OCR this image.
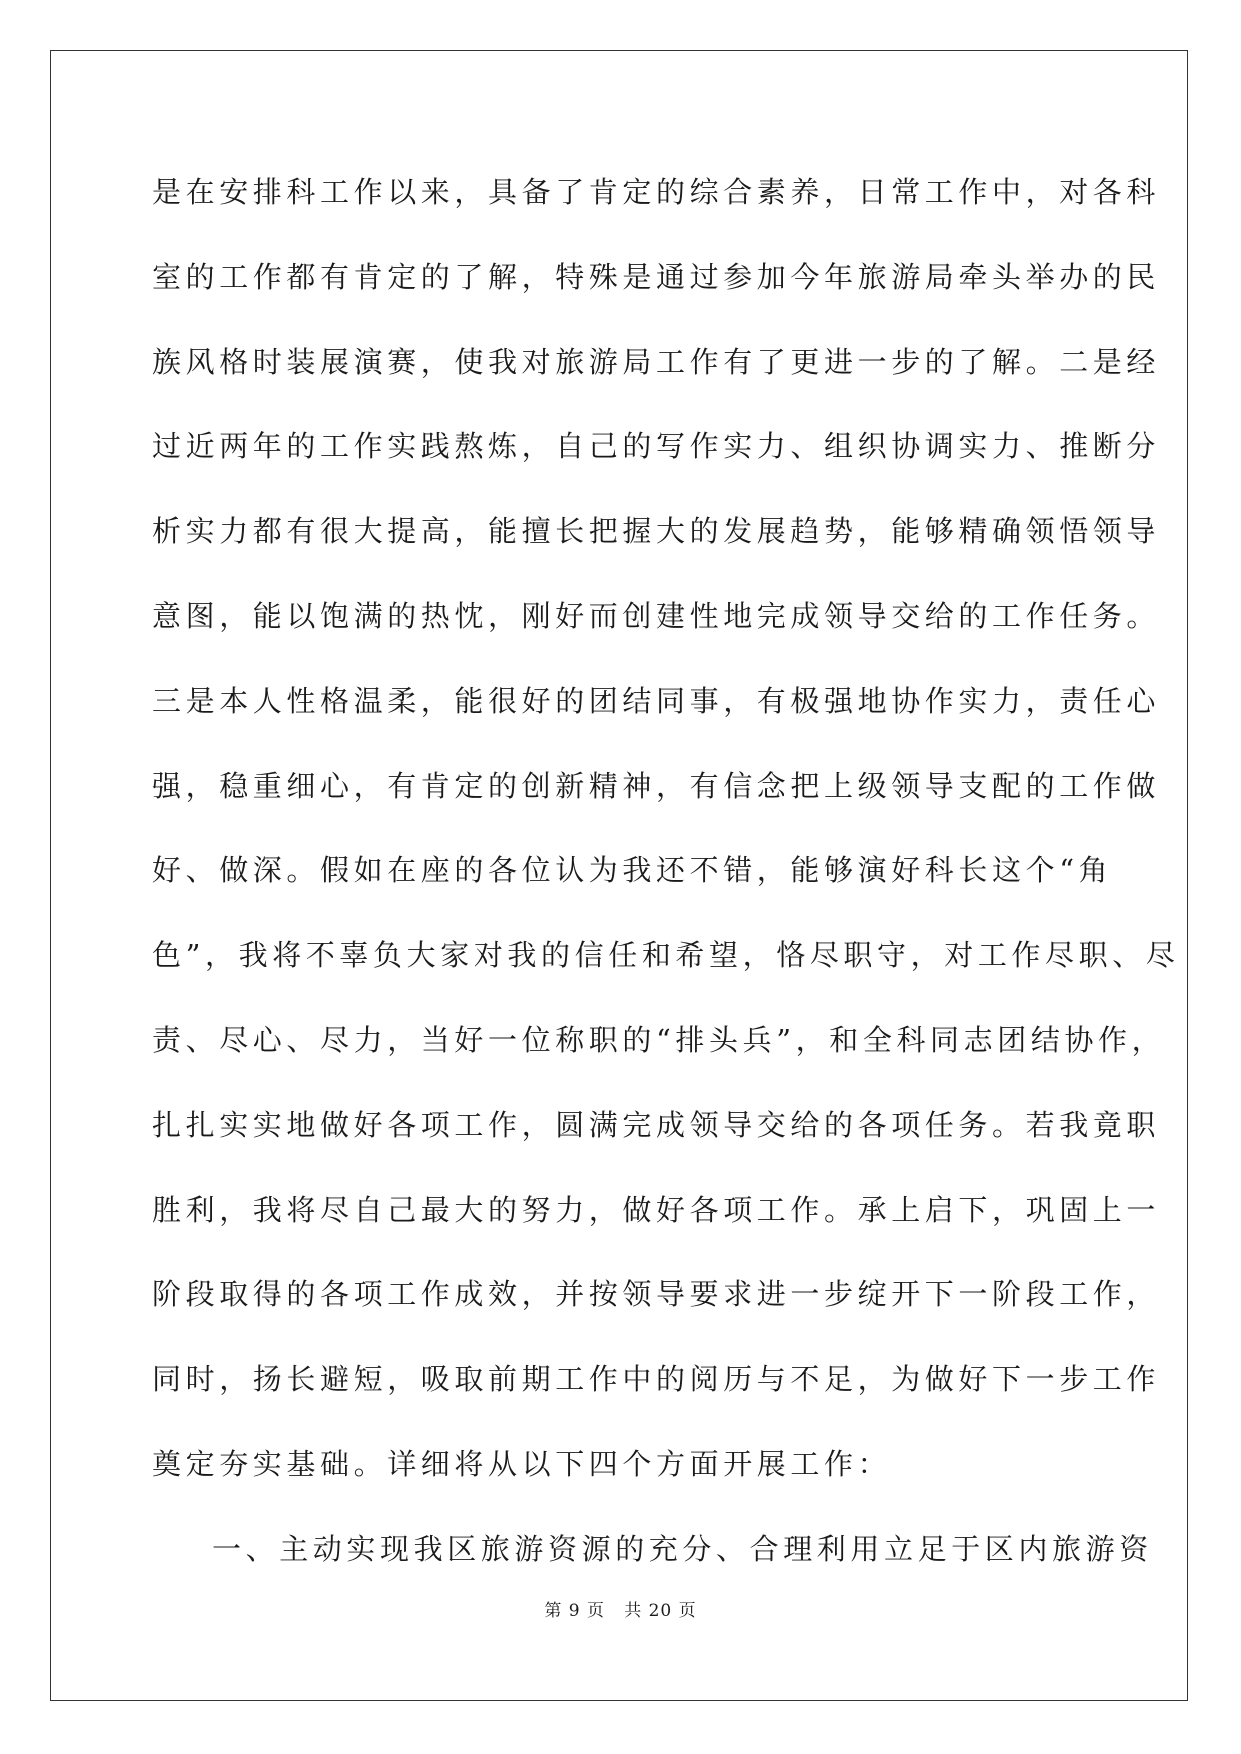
是在安排科工作以来，具备了肯定的综合素养，日常工作中，对各科
室的工作都有肯定的了解，特殊是通过参加今年旅游局牵头举办的民
族风格时装展演赛，使我对旅游局工作有了更进一步的了解。二是经
过近两年的工作实践熬炼，自己的写作实力、组织协调实力、推断分
析实力都有很大提高，能擅长把握大的发展趋势，能够精确领悟领导
意图，能以饱满的热忱，刚好而创建性地完成领导交给的工作任务。
三是本人性格温柔，能很好的团结同事，有极强地协作实力，责任心
强，稳重细心，有肯定的创新精神，有信念把上级领导支配的工作做
好、做深。假如在座的各位认为我还不错，能够演好科长这个“角
色”，我将不辜负大家对我的信任和希望，恪尽职守，对工作尽职、尽
责、尽心、尽力，当好一位称职的“排头兵”，和全科同志团结协作，
扎扎实实地做好各项工作，圆满完成领导交给的各项任务。若我竟职
胜利，我将尽自己最大的努力，做好各项工作。承上启下，巩固上一
阶段取得的各项工作成效，并按领导要求进一步绽开下一阶段工作，
同时，扬长避短，吸取前期工作中的阅历与不足，为做好下一步工作
奠定夯实基础。详细将从以下四个方面开展工作：
一、主动实现我区旅游资源的充分、合理利用立足于区内旅游资
第 9 页 共 20 页
